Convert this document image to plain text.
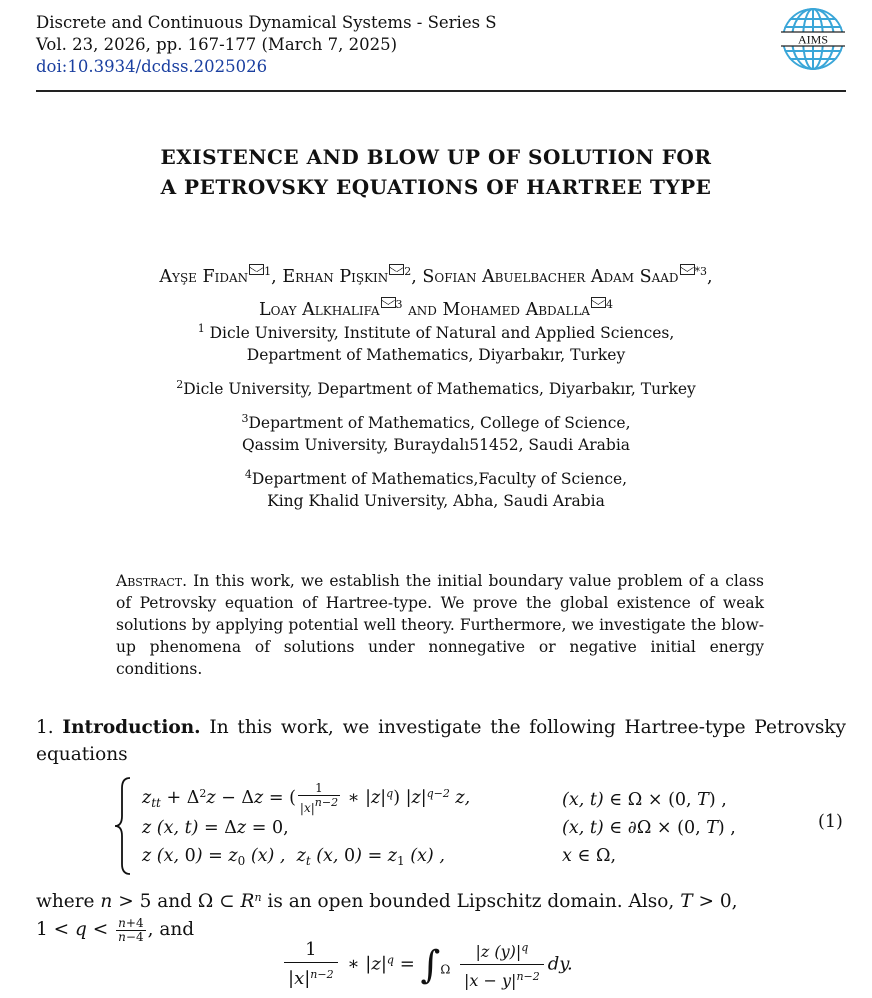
Discrete and Continuous Dynamical Systems - Series S
Vol. 23, 2026, pp. 167-177 (March 7, 2025)
doi:10.3934/dcdss.2025026
AIMS
EXISTENCE AND BLOW UP OF SOLUTION FOR
A PETROVSKY EQUATIONS OF HARTREE TYPE
Ayşe Fidan $^1$, Erhan Pişkin $^2$, Sofian Abuelbacher Adam Saad $^{*3}$,
Loay Alkhalifa $^3$ and Mohamed Abdalla $^4$
$^1$ Dicle University, Institute of Natural and Applied Sciences,
Department of Mathematics, Diyarbakır, Turkey
$^2$Dicle University, Department of Mathematics, Diyarbakır, Turkey
$^3$Department of Mathematics, College of Science,
Qassim University, Buraydalı51452, Saudi Arabia
$^4$Department of Mathematics,Faculty of Science,
King Khalid University, Abha, Saudi Arabia
Abstract. In this work, we establish the initial boundary value problem of a class of Petrovsky equation of Hartree-type. We prove the global existence of weak solutions by applying potential well theory. Furthermore, we investigate the blow-up phenomena of solutions under nonnegative or negative initial energy conditions.
1. Introduction. In this work, we investigate the following Hartree-type Petrovsky equations
$z_{tt} + \Delta^2z - \Delta z$ = ( $\frac{1}{|x|n-2}$ ∗ $|z|^q$) $|z|^{q-2}$ z,	(x, t) ∈ Ω × (0, T) ,
z (x, t) = Δz = 0,	(x, t) ∈ ∂Ω × (0, T) ,
z (x, $0) = z_0$ (x) ,  $z_t$ (x, $0) = z_1$ (x) ,	x ∈ Ω,
(1)
where n > 5 and Ω ⊂ $R^n$ is an open bounded Lipschitz domain. Also, T > 0,
$1 < q < \frac{n+4}{n-4}$ , and
$\frac{1}{|x|^{n-2}}$ ∗ $|z|^q = \int_\Omega \frac{|z (y)|^q}{|x - y|^{n-2}}$ dy.
